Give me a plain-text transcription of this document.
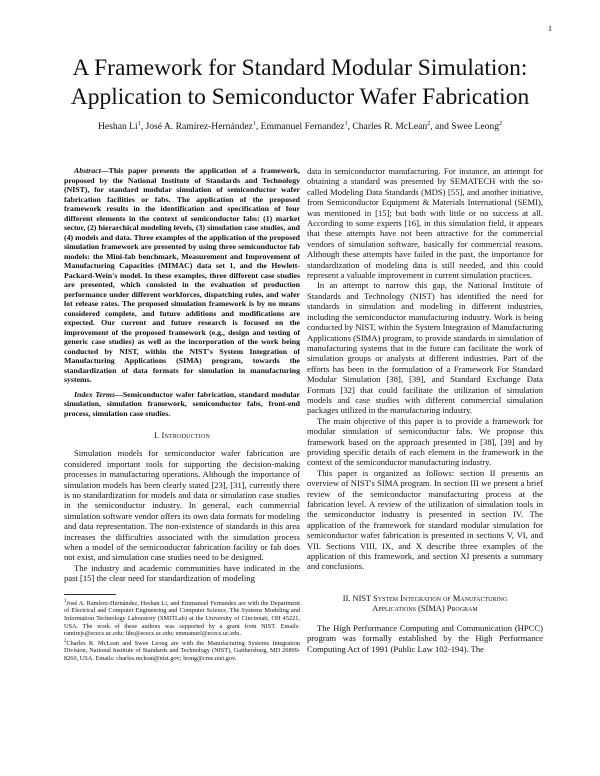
1
A Framework for Standard Modular Simulation:
Application to Semiconductor Wafer Fabrication
Heshan Li$^1$, José A. Ramírez-Hernández$^1$, Emmanuel Fernandez$^1$, Charles R. McLean$^2$, and Swee Leong$^2$

Abstract—This paper presents the application of a framework, proposed by the National Institute of Standards and Technology (NIST), for standard modular simulation of semiconductor wafer fabrication facilities or fabs. The application of the proposed framework results in the identification and specification of four different elements in the context of semiconductor fabs: (1) market sector, (2) hierarchical modeling levels, (3) simulation case studies, and (4) models and data. Three examples of the application of the proposed simulation framework are presented by using three semiconductor fab models: the Mini-fab benchmark, Measurement and Improvement of Manufacturing Capacities (MIMAC) data set 1, and the Hewlett-Packard-Wein's model. In these examples, three different case studies are presented, which consisted in the evaluation of production performance under different workforces, dispatching rules, and wafer lot release rates. The proposed simulation framework is by no means considered complete, and future additions and modifications are expected. Our current and future research is focused on the improvement of the proposed framework (e.g., design and testing of generic case studies) as well as the incorporation of the work being conducted by NIST, within the NIST's System Integration of Manufacturing Applications (SIMA) program, towards the standardization of data formats for simulation in manufacturing systems.

Index Terms—Semiconductor wafer fabrication, standard modular simulation, simulation framework, semiconductor fabs, front-end process, simulation case studies.

I. Introduction

Simulation models for semiconductor wafer fabrication are considered important tools for supporting the decision-making processes in manufacturing operations. Although the importance of simulation models has been clearly stated [23], [31], currently there is no standardization for models and data or simulation case studies in the semiconductor industry. In general, each commercial simulation software vendor offers its own data formats for modeling and data representation. The non-existence of standards in this area increases the difficulties associated with the simulation process when a model of the semiconductor fabrication facility or fab does not exist, and simulation case studies need to be designed.

The industry and academic communities have indicated in the past [15] the clear need for standardization of modeling

$^1$José A. Ramírez-Hernández, Heshan Li, and Emmanuel Fernandez are with the Department of Electrical and Computer Engineering and Computer Science, The Systems Modeling and Information Technology Laboratory (SMITLab) at the University of Cincinnati, OH 45221, USA. The work of these authors was supported by a grant from NIST. Emails: ramirejs@ececs.uc.edu; lihs@ececs.uc.edu; emmanuel@ececs.uc.edu.

$^2$Charles R. McLean and Swee Leong are with the Manufacturing Systems Integration Division, National Institute of Standards and Technology (NIST), Gaithersburg, MD 20899-8260, USA. Emails: charles.mclean@nist.gov; leong@cme.nist.gov.

data in semiconductor manufacturing. For instance, an attempt for obtaining a standard was presented by SEMATECH with the so-called Modeling Data Standards (MDS) [55], and another initiative, from Semiconductor Equipment & Materials International (SEMI), was mentioned in [15]; but both with little or no success at all. According to some experts [16], in this simulation field, it appears that these attempts have not been attractive for the commercial vendors of simulation software, basically for commercial reasons. Although these attempts have failed in the past, the importance for standardization of modeling data is still needed, and this could represent a valuable improvement in current simulation practices.

In an attempt to narrow this gap, the National Institute of Standards and Technology (NIST) has identified the need for standards in simulation and modeling in different industries, including the semiconductor manufacturing industry. Work is being conducted by NIST, within the System Integration of Manufacturing Applications (SIMA) program, to provide standards in simulation of manufacturing systems that in the future can facilitate the work of simulation groups or analysts at different industries. Part of the efforts has been in the formulation of a Framework For Standard Modular Simulation [38], [39], and Standard Exchange Data Formats [32] that could facilitate the utilization of simulation models and case studies with different commercial simulation packages utilized in the manufacturing industry.

The main objective of this paper is to provide a framework for modular simulation of semiconductor fabs. We propose this framework based on the approach presented in [38], [39] and by providing specific details of each element in the framework in the context of the semiconductor manufacturing industry.

This paper is organized as follows: section II presents an overview of NIST's SIMA program. In section III we present a brief review of the semiconductor manufacturing process at the fabrication level. A review of the utilization of simulation tools in the semiconductor industry is presented in section IV. The application of the framework for standard modular simulation for semiconductor wafer fabrication is presented in sections V, VI, and VII. Sections VIII, IX, and X describe three examples of the application of this framework, and section XI presents a summary and conclusions.

II. NIST System Integration of Manufacturing
Applications (SIMA) Program

The High Performance Computing and Communication (HPCC) program was formally established by the High Performance Computing Act of 1991 (Public Law 102-194). The
